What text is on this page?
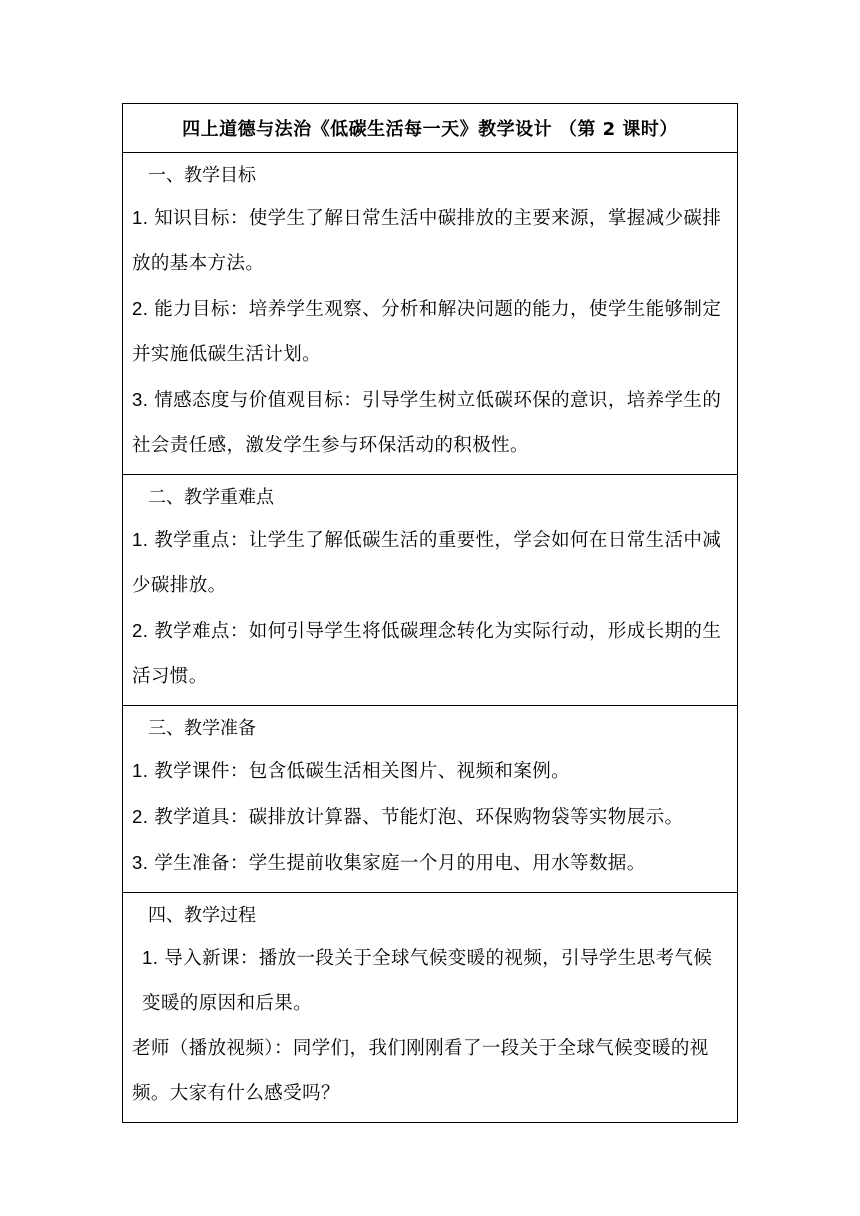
四上道德与法治《低碳生活每一天》教学设计 （第 2 课时）
一、教学目标
1. 知识目标：使学生了解日常生活中碳排放的主要来源，掌握减少碳排放的基本方法。
2. 能力目标：培养学生观察、分析和解决问题的能力，使学生能够制定并实施低碳生活计划。
3. 情感态度与价值观目标：引导学生树立低碳环保的意识，培养学生的社会责任感，激发学生参与环保活动的积极性。
二、教学重难点
1. 教学重点：让学生了解低碳生活的重要性，学会如何在日常生活中减少碳排放。
2. 教学难点：如何引导学生将低碳理念转化为实际行动，形成长期的生活习惯。
三、教学准备
1. 教学课件：包含低碳生活相关图片、视频和案例。
2. 教学道具：碳排放计算器、节能灯泡、环保购物袋等实物展示。
3. 学生准备：学生提前收集家庭一个月的用电、用水等数据。
四、教学过程
1. 导入新课：播放一段关于全球气候变暖的视频，引导学生思考气候变暖的原因和后果。
老师（播放视频）：同学们，我们刚刚看了一段关于全球气候变暖的视频。大家有什么感受吗？
